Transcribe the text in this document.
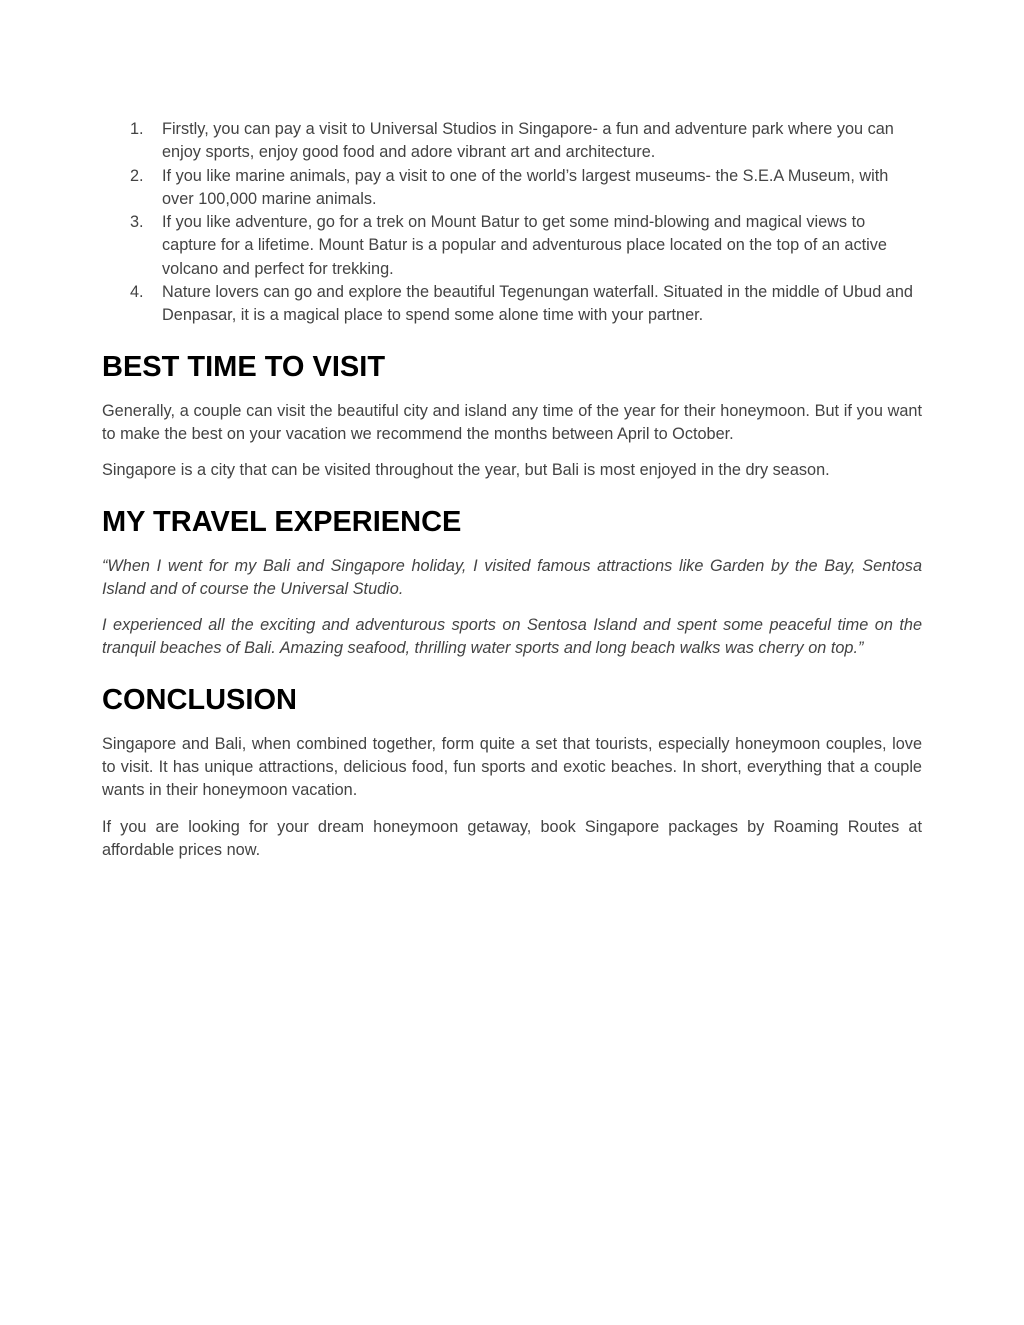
1. Firstly, you can pay a visit to Universal Studios in Singapore- a fun and adventure park where you can enjoy sports, enjoy good food and adore vibrant art and architecture.
2. If you like marine animals, pay a visit to one of the world’s largest museums- the S.E.A Museum, with over 100,000 marine animals.
3. If you like adventure, go for a trek on Mount Batur to get some mind-blowing and magical views to capture for a lifetime. Mount Batur is a popular and adventurous place located on the top of an active volcano and perfect for trekking.
4. Nature lovers can go and explore the beautiful Tegenungan waterfall. Situated in the middle of Ubud and Denpasar, it is a magical place to spend some alone time with your partner.
BEST TIME TO VISIT

Generally, a couple can visit the beautiful city and island any time of the year for their honeymoon. But if you want to make the best on your vacation we recommend the months between April to October.

Singapore is a city that can be visited throughout the year, but Bali is most enjoyed in the dry season.

MY TRAVEL EXPERIENCE

“When I went for my Bali and Singapore holiday, I visited famous attractions like Garden by the Bay, Sentosa Island and of course the Universal Studio.

I experienced all the exciting and adventurous sports on Sentosa Island and spent some peaceful time on the tranquil beaches of Bali. Amazing seafood, thrilling water sports and long beach walks was cherry on top.”

CONCLUSION

Singapore and Bali, when combined together, form quite a set that tourists, especially honeymoon couples, love to visit. It has unique attractions, delicious food, fun sports and exotic beaches. In short, everything that a couple wants in their honeymoon vacation.

If you are looking for your dream honeymoon getaway, book Singapore packages by Roaming Routes at affordable prices now.
